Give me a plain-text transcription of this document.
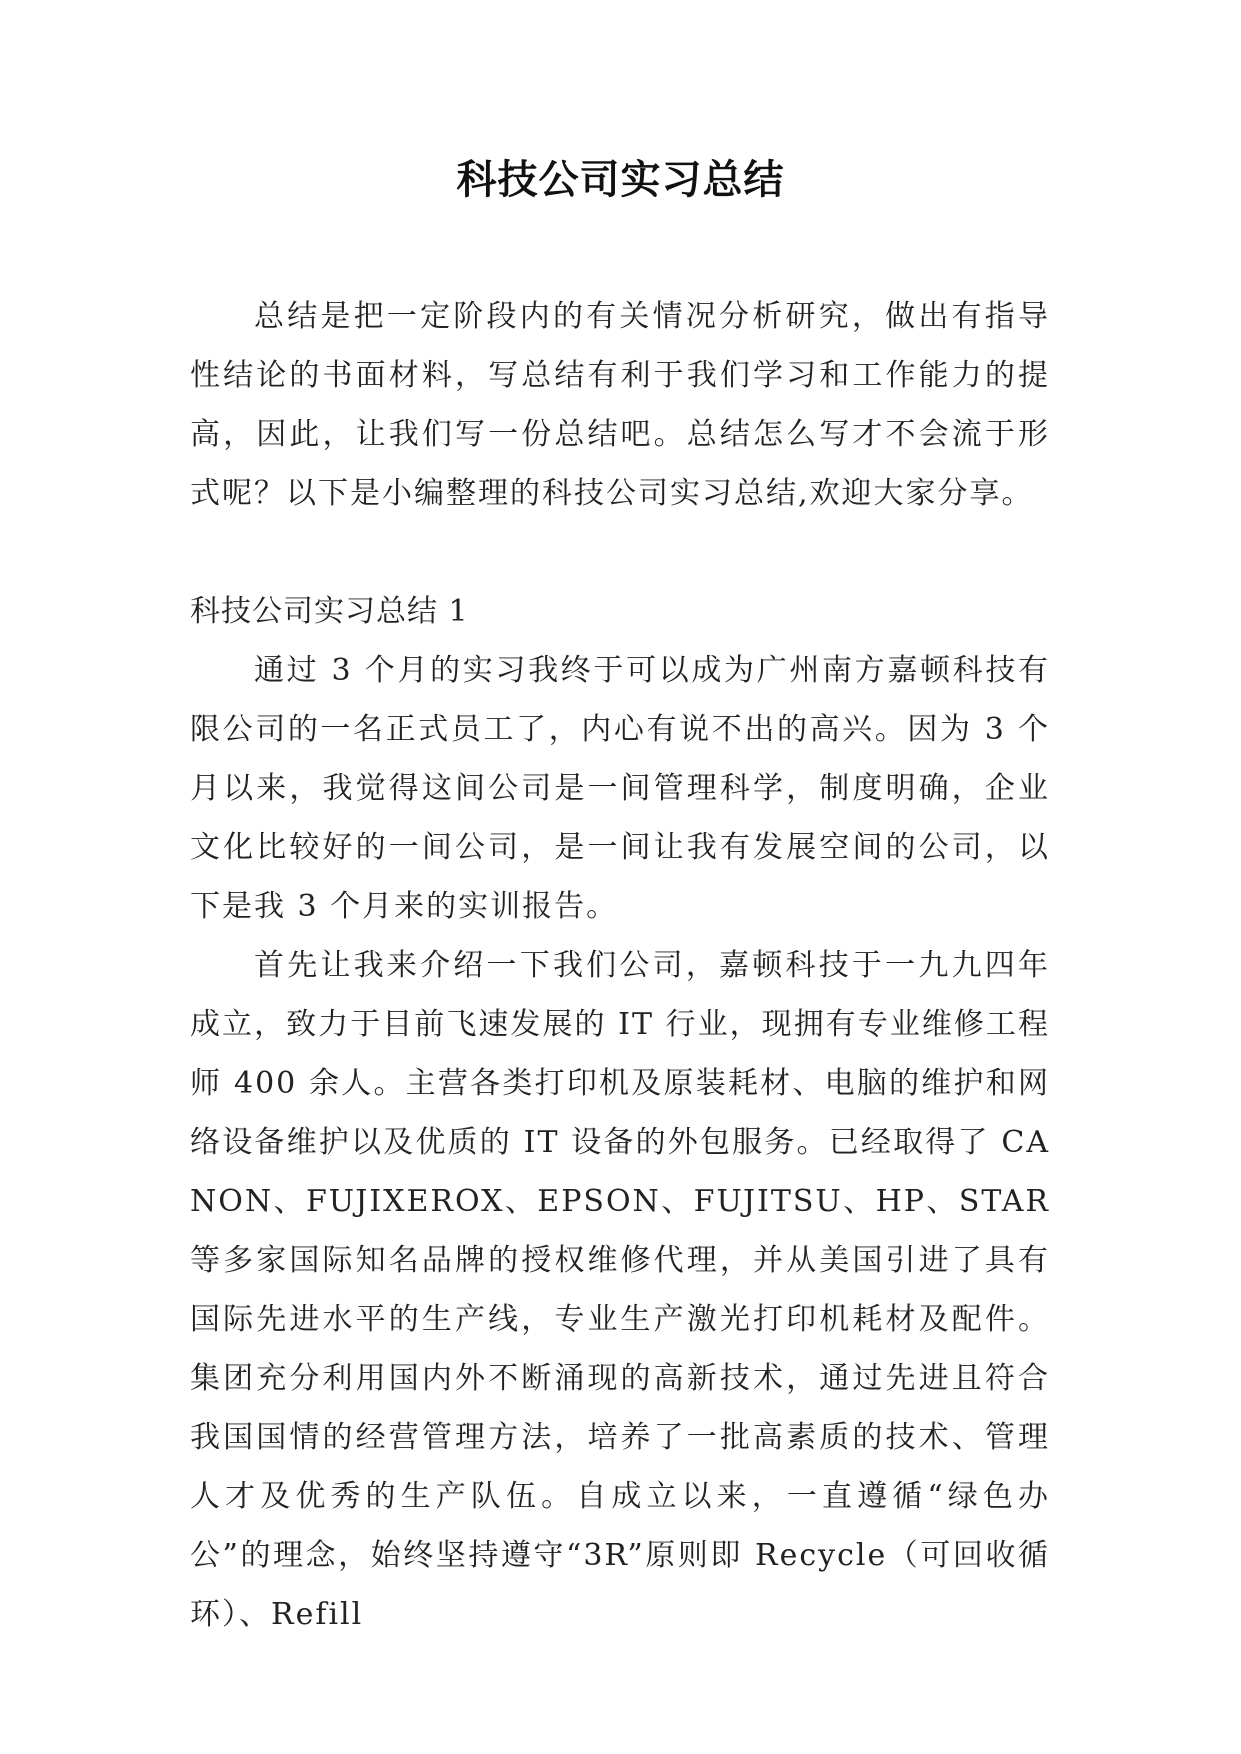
科技公司实习总结

总结是把一定阶段内的有关情况分析研究，做出有指导性结论的书面材料，写总结有利于我们学习和工作能力的提高，因此，让我们写一份总结吧。总结怎么写才不会流于形式呢？以下是小编整理的科技公司实习总结,欢迎大家分享。

科技公司实习总结 1

通过 3 个月的实习我终于可以成为广州南方嘉顿科技有限公司的一名正式员工了，内心有说不出的高兴。因为 3 个月以来，我觉得这间公司是一间管理科学，制度明确，企业文化比较好的一间公司，是一间让我有发展空间的公司，以下是我 3 个月来的实训报告。

首先让我来介绍一下我们公司，嘉顿科技于一九九四年成立，致力于目前飞速发展的 IT 行业，现拥有专业维修工程师 400 余人。主营各类打印机及原装耗材、电脑的维护和网络设备维护以及优质的 IT 设备的外包服务。已经取得了 CANON、FUJIXEROX、EPSON、FUJITSU、HP、STAR 等多家国际知名品牌的授权维修代理，并从美国引进了具有国际先进水平的生产线，专业生产激光打印机耗材及配件。集团充分利用国内外不断涌现的高新技术，通过先进且符合我国国情的经营管理方法，培养了一批高素质的技术、管理人才及优秀的生产队伍。自成立以来，一直遵循“绿色办公”的理念，始终坚持遵守“3R”原则即 Recycle（可回收循环）、Refill
